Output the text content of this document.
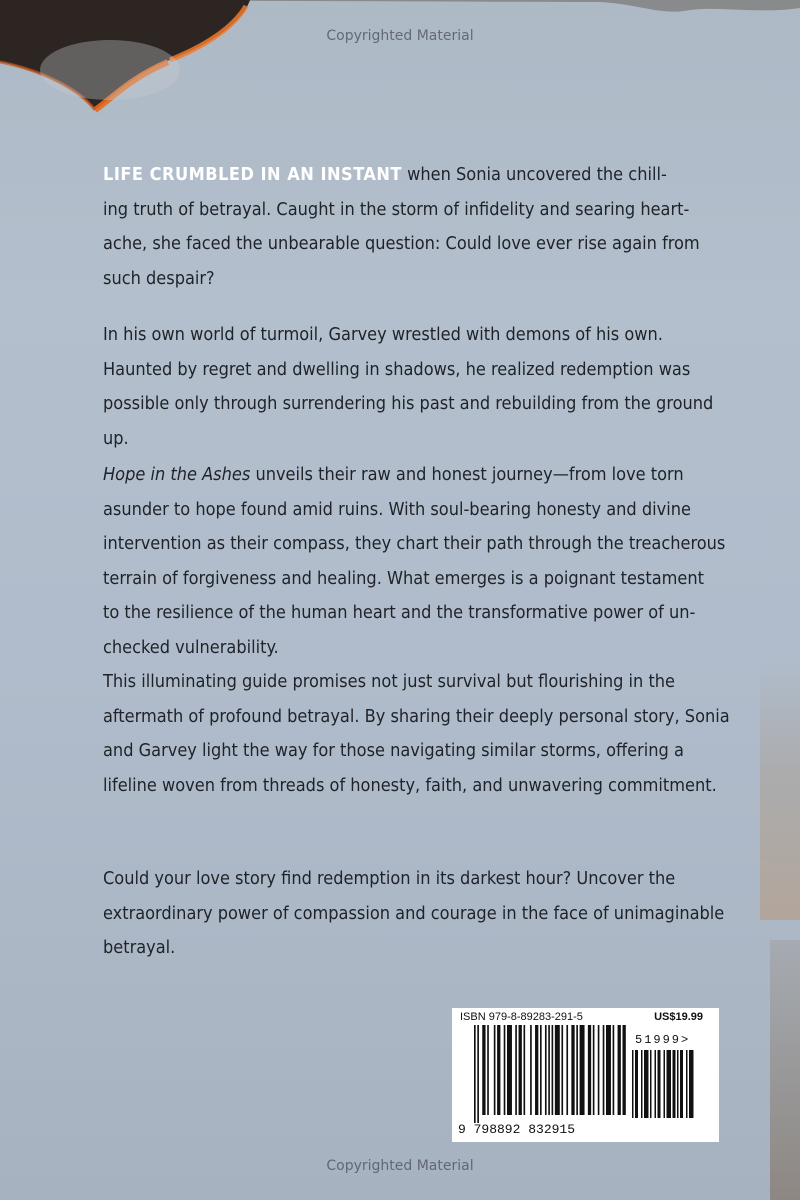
Copyrighted Material
LIFE CRUMBLED IN AN INSTANT when Sonia uncovered the chill-
ing truth of betrayal. Caught in the storm of infidelity and searing heart-
ache, she faced the unbearable question: Could love ever rise again from
such despair?
In his own world of turmoil, Garvey wrestled with demons of his own.
Haunted by regret and dwelling in shadows, he realized redemption was
possible only through surrendering his past and rebuilding from the ground
up.
Hope in the Ashes unveils their raw and honest journey—from love torn
asunder to hope found amid ruins. With soul-bearing honesty and divine
intervention as their compass, they chart their path through the treacherous
terrain of forgiveness and healing. What emerges is a poignant testament
to the resilience of the human heart and the transformative power of un-
checked vulnerability.
This illuminating guide promises not just survival but flourishing in the
aftermath of profound betrayal. By sharing their deeply personal story, Sonia
and Garvey light the way for those navigating similar storms, offering a
lifeline woven from threads of honesty, faith, and unwavering commitment.
Could your love story find redemption in its darkest hour? Uncover the
extraordinary power of compassion and courage in the face of unimaginable
betrayal.
ISBN 979-8-89283-291-5	US$19.99
51999>
9 798892 832915
Copyrighted Material
